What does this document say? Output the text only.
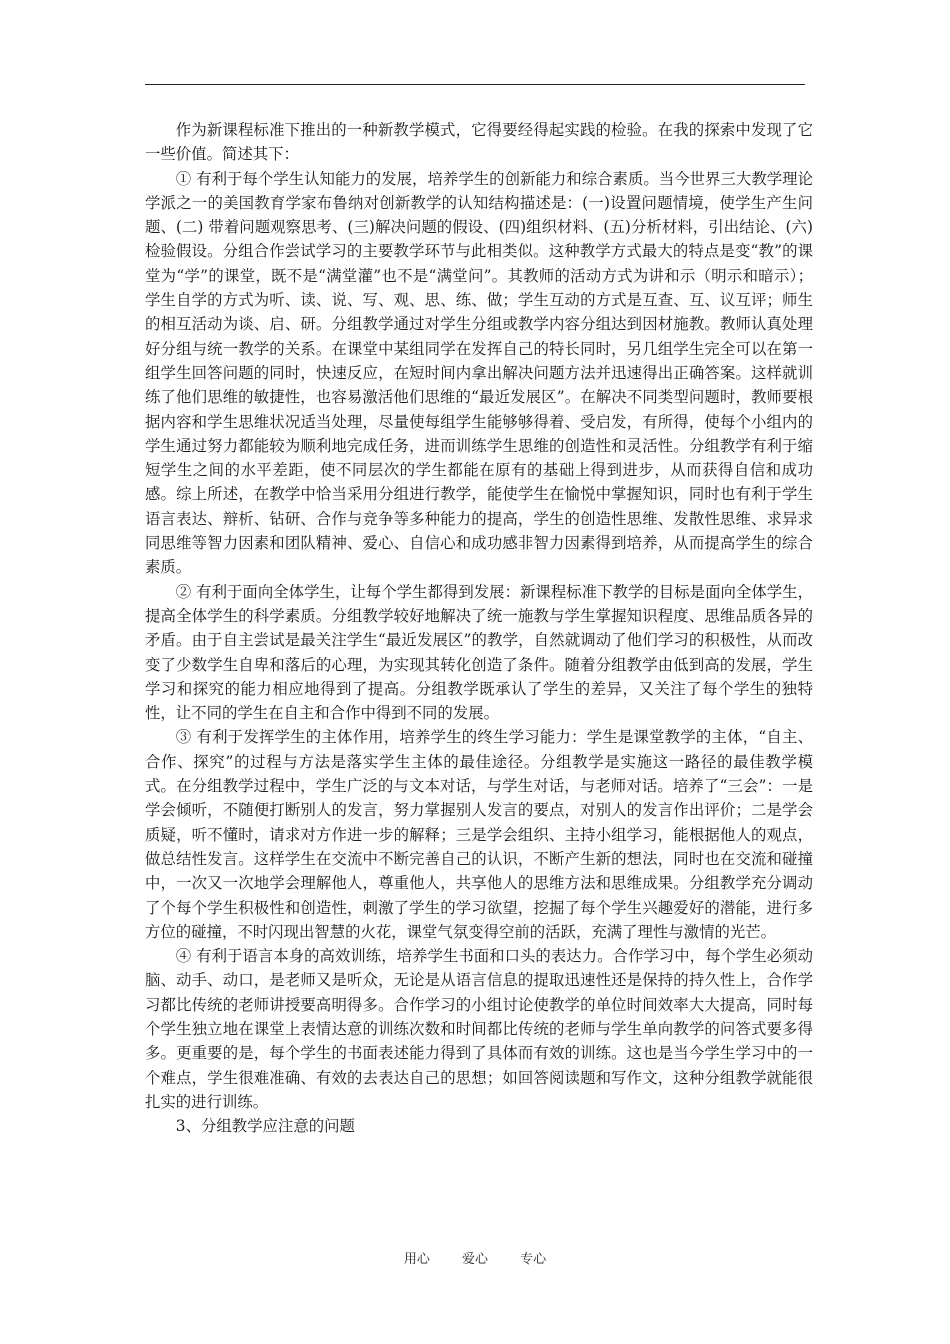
作为新课程标准下推出的一种新教学模式，它得要经得起实践的检验。在我的探索中发现了它一些价值。简述其下：

① 有利于每个学生认知能力的发展，培养学生的创新能力和综合素质。当今世界三大教学理论学派之一的美国教育学家布鲁纳对创新教学的认知结构描述是：(一)设置问题情境，使学生产生问题、(二) 带着问题观察思考、(三)解决问题的假设、(四)组织材料、(五)分析材料，引出结论、(六)检验假设。分组合作尝试学习的主要教学环节与此相类似。这种教学方式最大的特点是变“教”的课堂为“学”的课堂，既不是“满堂灌”也不是“满堂问”。其教师的活动方式为讲和示（明示和暗示）；学生自学的方式为听、读、说、写、观、思、练、做；学生互动的方式是互查、互、议互评；师生的相互活动为谈、启、研。分组教学通过对学生分组或教学内容分组达到因材施教。教师认真处理好分组与统一教学的关系。在课堂中某组同学在发挥自己的特长同时，另几组学生完全可以在第一组学生回答问题的同时，快速反应，在短时间内拿出解决问题方法并迅速得出正确答案。这样就训练了他们思维的敏捷性，也容易激活他们思维的“最近发展区”。在解决不同类型问题时，教师要根据内容和学生思维状况适当处理，尽量使每组学生能够够得着、受启发，有所得，使每个小组内的学生通过努力都能较为顺利地完成任务，进而训练学生思维的创造性和灵活性。分组教学有利于缩短学生之间的水平差距，使不同层次的学生都能在原有的基础上得到进步，从而获得自信和成功感。综上所述，在教学中恰当采用分组进行教学，能使学生在愉悦中掌握知识，同时也有利于学生语言表达、辩析、钻研、合作与竞争等多种能力的提高，学生的创造性思维、发散性思维、求异求同思维等智力因素和团队精神、爱心、自信心和成功感非智力因素得到培养，从而提高学生的综合素质。

② 有利于面向全体学生，让每个学生都得到发展：新课程标准下教学的目标是面向全体学生，提高全体学生的科学素质。分组教学较好地解决了统一施教与学生掌握知识程度、思维品质各异的矛盾。由于自主尝试是最关注学生“最近发展区”的教学，自然就调动了他们学习的积极性，从而改变了少数学生自卑和落后的心理，为实现其转化创造了条件。随着分组教学由低到高的发展，学生学习和探究的能力相应地得到了提高。分组教学既承认了学生的差异，又关注了每个学生的独特性，让不同的学生在自主和合作中得到不同的发展。

③ 有利于发挥学生的主体作用，培养学生的终生学习能力：学生是课堂教学的主体，“自主、合作、探究”的过程与方法是落实学生主体的最佳途径。分组教学是实施这一路径的最佳教学模式。在分组教学过程中，学生广泛的与文本对话，与学生对话，与老师对话。培养了“三会”：一是学会倾听，不随便打断别人的发言，努力掌握别人发言的要点，对别人的发言作出评价；二是学会质疑，听不懂时，请求对方作进一步的解释；三是学会组织、主持小组学习，能根据他人的观点，做总结性发言。这样学生在交流中不断完善自己的认识，不断产生新的想法，同时也在交流和碰撞中，一次又一次地学会理解他人，尊重他人，共享他人的思维方法和思维成果。分组教学充分调动了个每个学生积极性和创造性，刺激了学生的学习欲望，挖掘了每个学生兴趣爱好的潜能，进行多方位的碰撞，不时闪现出智慧的火花，课堂气氛变得空前的活跃，充满了理性与激情的光芒。

④ 有利于语言本身的高效训练，培养学生书面和口头的表达力。合作学习中，每个学生必须动脑、动手、动口，是老师又是听众，无论是从语言信息的提取迅速性还是保持的持久性上，合作学习都比传统的老师讲授要高明得多。合作学习的小组讨论使教学的单位时间效率大大提高，同时每个学生独立地在课堂上表情达意的训练次数和时间都比传统的老师与学生单向教学的问答式要多得多。更重要的是，每个学生的书面表述能力得到了具体而有效的训练。这也是当今学生学习中的一个难点，学生很难准确、有效的去表达自己的思想；如回答阅读题和写作文，这种分组教学就能很扎实的进行训练。

3、分组教学应注意的问题

用心 爱心 专心
